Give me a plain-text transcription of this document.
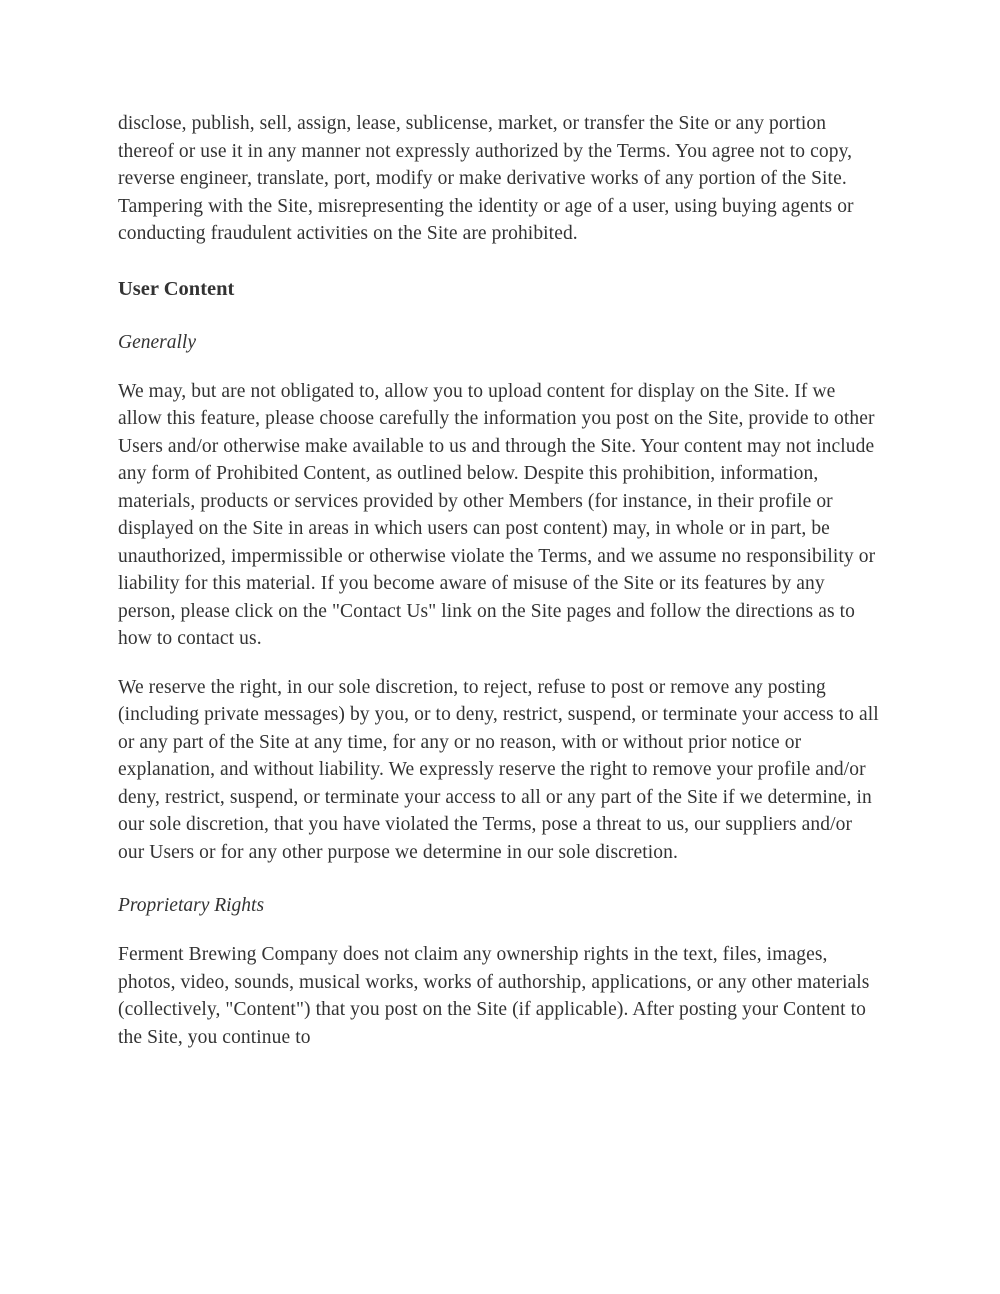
disclose, publish, sell, assign, lease, sublicense, market, or transfer the Site or any portion thereof or use it in any manner not expressly authorized by the Terms. You agree not to copy, reverse engineer, translate, port, modify or make derivative works of any portion of the Site. Tampering with the Site, misrepresenting the identity or age of a user, using buying agents or conducting fraudulent activities on the Site are prohibited.

User Content
Generally

We may, but are not obligated to, allow you to upload content for display on the Site. If we allow this feature, please choose carefully the information you post on the Site, provide to other Users and/or otherwise make available to us and through the Site. Your content may not include any form of Prohibited Content, as outlined below. Despite this prohibition, information, materials, products or services provided by other Members (for instance, in their profile or displayed on the Site in areas in which users can post content) may, in whole or in part, be unauthorized, impermissible or otherwise violate the Terms, and we assume no responsibility or liability for this material. If you become aware of misuse of the Site or its features by any person, please click on the "Contact Us" link on the Site pages and follow the directions as to how to contact us.

We reserve the right, in our sole discretion, to reject, refuse to post or remove any posting (including private messages) by you, or to deny, restrict, suspend, or terminate your access to all or any part of the Site at any time, for any or no reason, with or without prior notice or explanation, and without liability. We expressly reserve the right to remove your profile and/or deny, restrict, suspend, or terminate your access to all or any part of the Site if we determine, in our sole discretion, that you have violated the Terms, pose a threat to us, our suppliers and/or our Users or for any other purpose we determine in our sole discretion.

Proprietary Rights

Ferment Brewing Company does not claim any ownership rights in the text, files, images, photos, video, sounds, musical works, works of authorship, applications, or any other materials (collectively, "Content") that you post on the Site (if applicable). After posting your Content to the Site, you continue to
